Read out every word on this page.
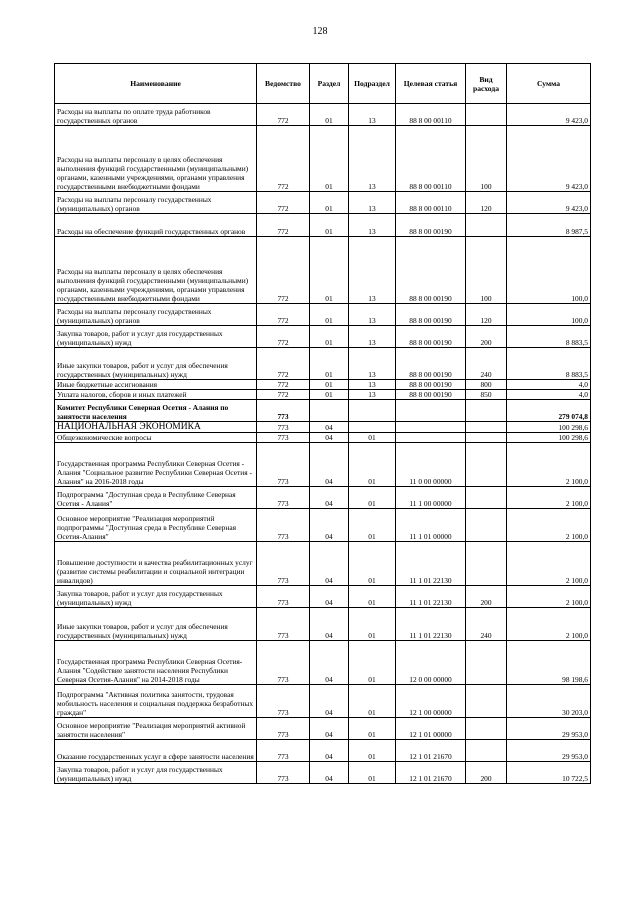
128
Наименование	Ведомство	Раздел	Подраздел	Целевая статья	Вид расхода	Сумма
Расходы на выплаты по оплате труда работников государственных органов	772	01	13	88 8 00 00110		9 423,0
Расходы на выплаты персоналу в целях обеспечения выполнения функций государственными (муниципальными) органами, казенными учреждениями, органами управления государственными внебюджетными фондами	772	01	13	88 8 00 00110	100	9 423,0
Расходы на выплаты персоналу государственных (муниципальных) органов	772	01	13	88 8 00 00110	120	9 423,0
Расходы на обеспечение функций государственных органов	772	01	13	88 8 00 00190		8 987,5
Расходы на выплаты персоналу в целях обеспечения выполнения функций государственными (муниципальными) органами, казенными учреждениями, органами управления государственными внебюджетными фондами	772	01	13	88 8 00 00190	100	100,0
Расходы на выплаты персоналу государственных (муниципальных) органов	772	01	13	88 8 00 00190	120	100,0
Закупка товаров, работ и услуг для государственных (муниципальных) нужд	772	01	13	88 8 00 00190	200	8 883,5
Иные закупки товаров, работ и услуг для обеспечения государственных (муниципальных) нужд	772	01	13	88 8 00 00190	240	8 883,5
Иные бюджетные ассигнования	772	01	13	88 8 00 00190	800	4,0
Уплата налогов, сборов и иных платежей	772	01	13	88 8 00 00190	850	4,0
Комитет Республики Северная Осетия - Алания по занятости населения	773					279 074,8
НАЦИОНАЛЬНАЯ ЭКОНОМИКА	773	04				100 298,6
Общеэкономические вопросы	773	04	01			100 298,6
Государственная программа Республики Северная Осетия - Алания "Социальное развитие Республики Северная Осетия - Алания" на 2016-2018 годы	773	04	01	11 0 00 00000		2 100,0
Подпрограмма "Доступная среда в Республике Северная Осетия - Алания"	773	04	01	11 1 00 00000		2 100,0
Основное мероприятие "Реализация мероприятий подпрограммы "Доступная среда в Республике Северная Осетия-Алания"	773	04	01	11 1 01 00000		2 100,0
Повышение доступности и качества реабилитационных услуг (развитие системы реабилитации и социальной интеграции инвалидов)	773	04	01	11 1 01 22130		2 100,0
Закупка товаров, работ и услуг для государственных (муниципальных) нужд	773	04	01	11 1 01 22130	200	2 100,0
Иные закупки товаров, работ и услуг для обеспечения государственных (муниципальных) нужд	773	04	01	11 1 01 22130	240	2 100,0
Государственная программа Республики Северная Осетия-Алания "Содействие занятости населения Республики Северная Осетия-Алания" на 2014-2018 годы	773	04	01	12 0 00 00000		98 198,6
Подпрограмма "Активная политика занятости, трудовая мобильность населения и социальная поддержка безработных граждан"	773	04	01	12 1 00 00000		30 203,0
Основное мероприятие "Реализация мероприятий активной занятости населения"	773	04	01	12 1 01 00000		29 953,0
Оказание государственных услуг в сфере занятости населения	773	04	01	12 1 01 21670		29 953,0
Закупка товаров, работ и услуг для государственных (муниципальных) нужд	773	04	01	12 1 01 21670	200	10 722,5
